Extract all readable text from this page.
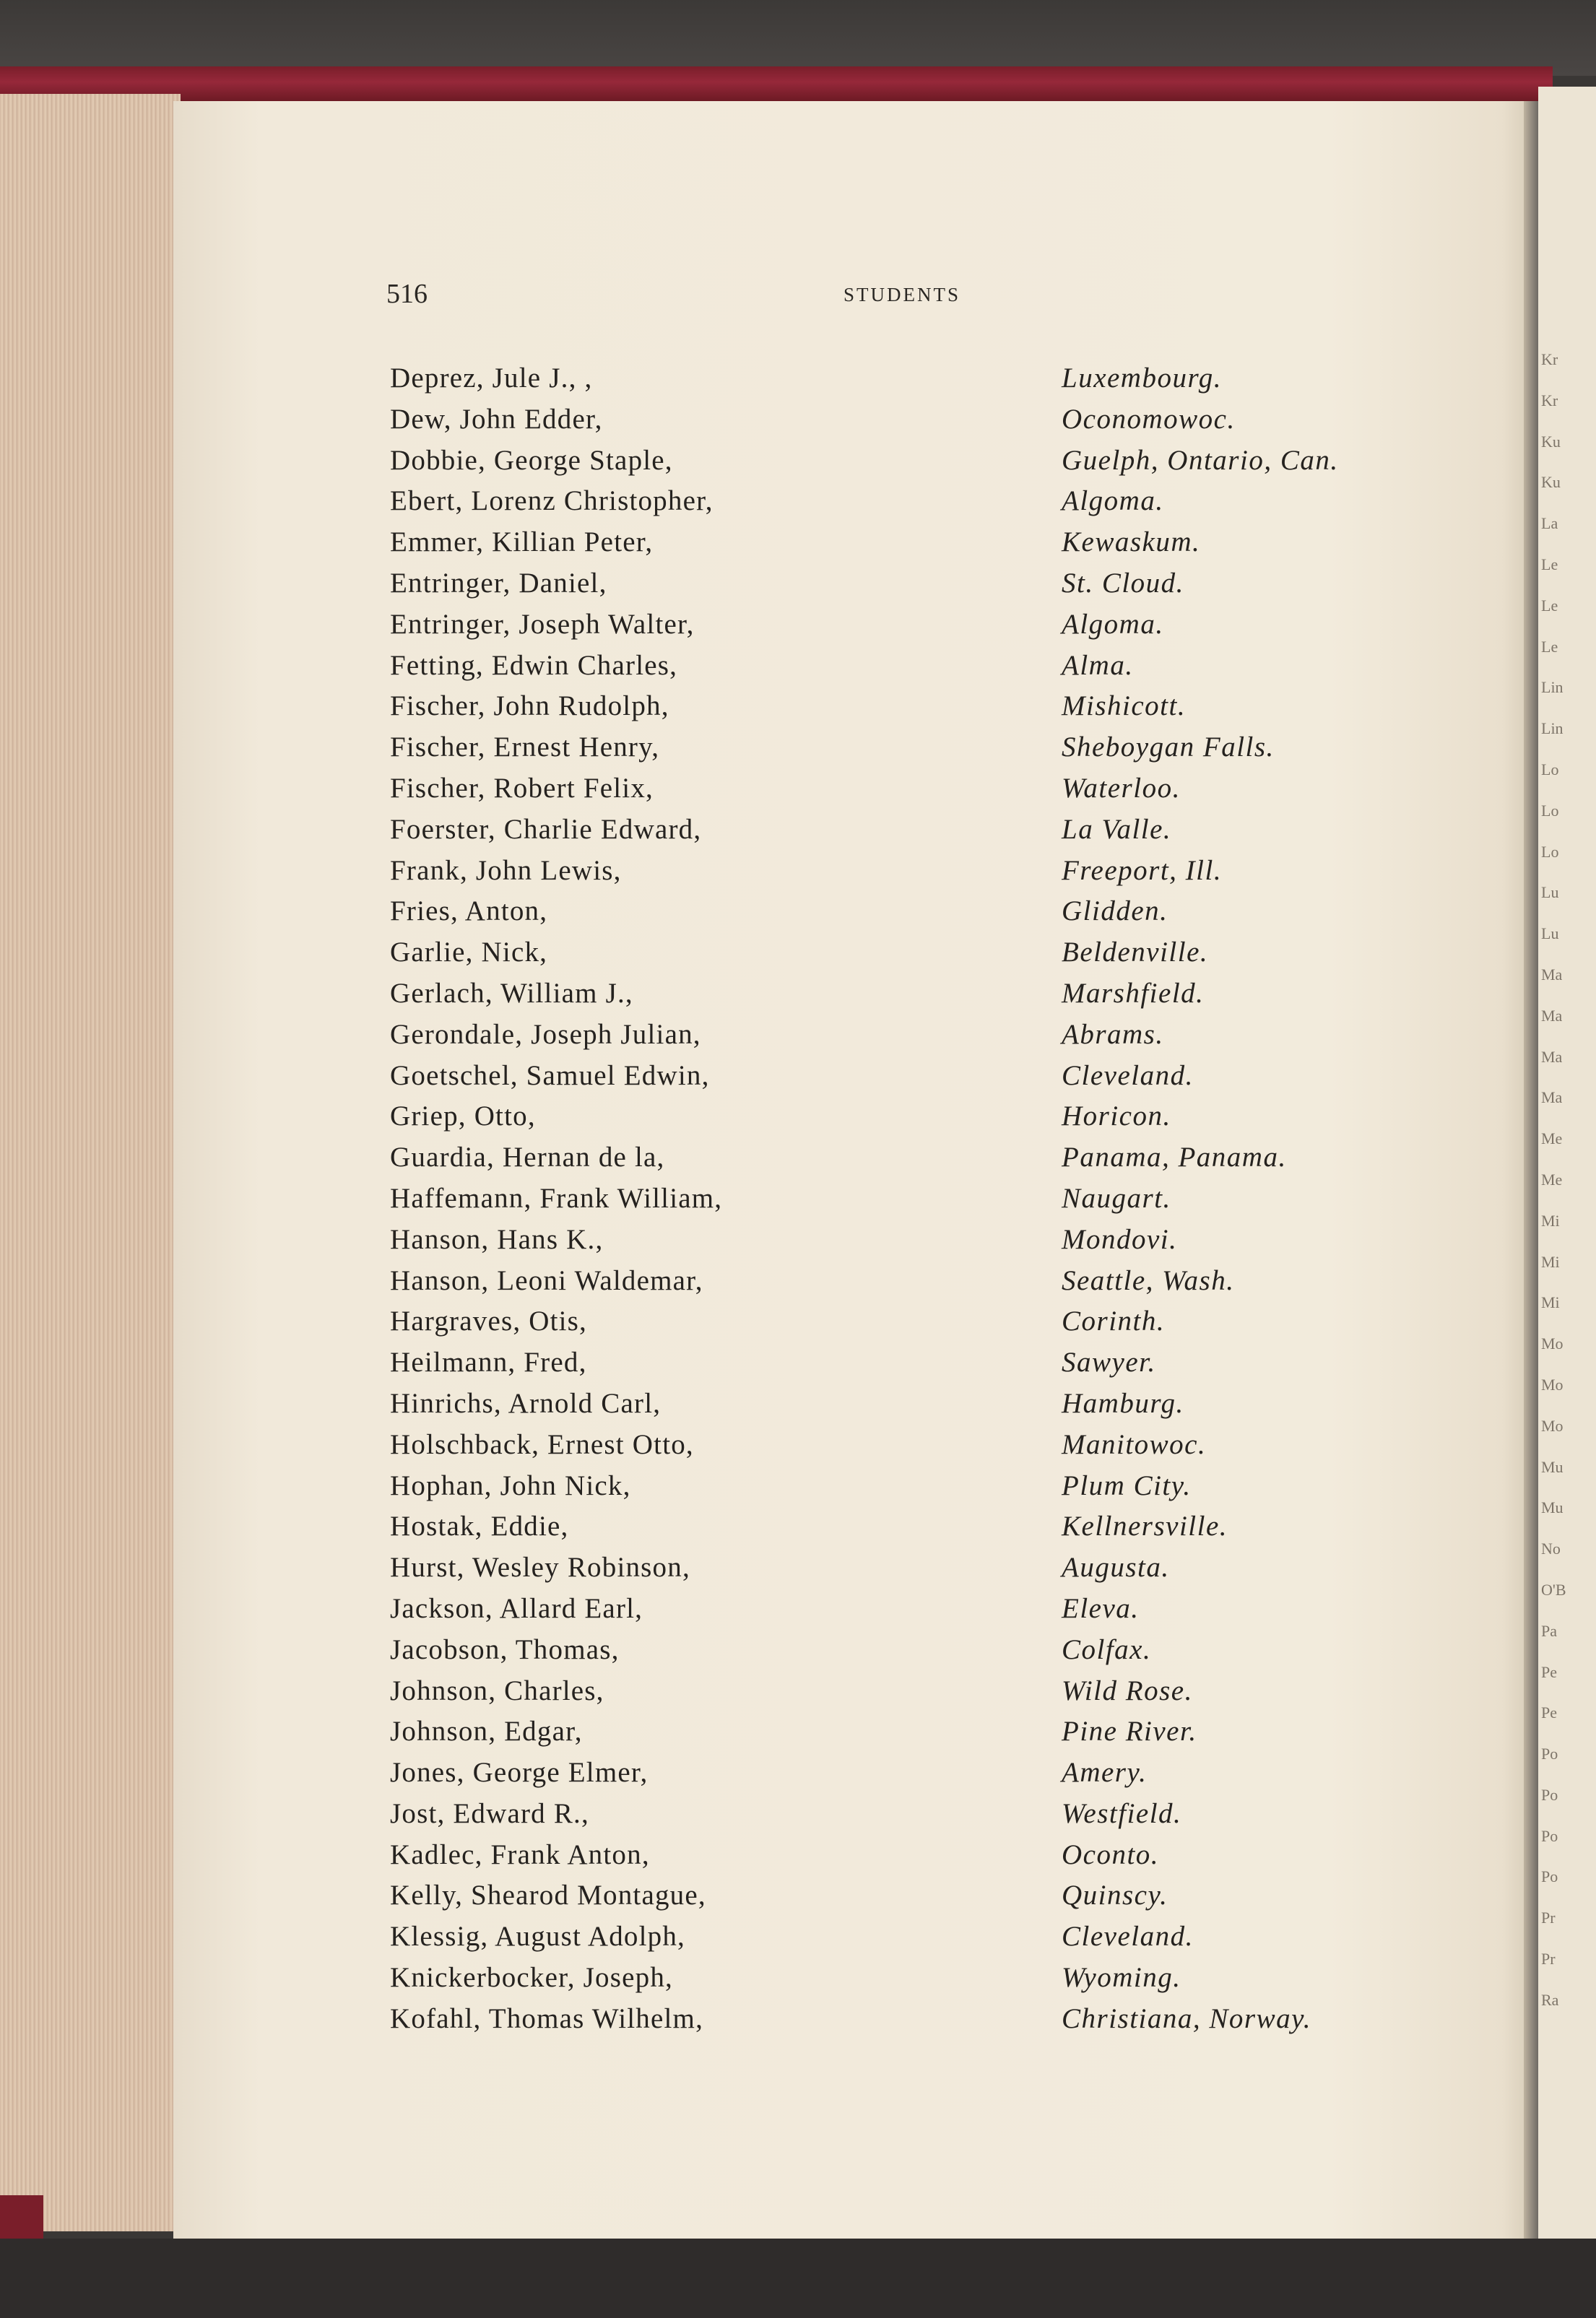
Kr
Kr
Ku
Ku
La
Le
Le
Le
Lin
Lin
Lo
Lo
Lo
Lu
Lu
Ma
Ma
Ma
Ma
Me
Me
Mi
Mi
Mi
Mo
Mo
Mo
Mu
Mu
No
O'B
Pa
Pe
Pe
Po
Po
Po
Po
Pr
Pr
Ra
516	STUDENTS
Deprez, Jule J., ,	Luxembourg.
Dew, John Edder,	Oconomowoc.
Dobbie, George Staple,	Guelph, Ontario, Can.
Ebert, Lorenz Christopher,	Algoma.
Emmer, Killian Peter,	Kewaskum.
Entringer, Daniel,	St. Cloud.
Entringer, Joseph Walter,	Algoma.
Fetting, Edwin Charles,	Alma.
Fischer, John Rudolph,	Mishicott.
Fischer, Ernest Henry,	Sheboygan Falls.
Fischer, Robert Felix,	Waterloo.
Foerster, Charlie Edward,	La Valle.
Frank, John Lewis,	Freeport, Ill.
Fries, Anton,	Glidden.
Garlie, Nick,	Beldenville.
Gerlach, William J.,	Marshfield.
Gerondale, Joseph Julian,	Abrams.
Goetschel, Samuel Edwin,	Cleveland.
Griep, Otto,	Horicon.
Guardia, Hernan de la,	Panama, Panama.
Haffemann, Frank William,	Naugart.
Hanson, Hans K.,	Mondovi.
Hanson, Leoni Waldemar,	Seattle, Wash.
Hargraves, Otis,	Corinth.
Heilmann, Fred,	Sawyer.
Hinrichs, Arnold Carl,	Hamburg.
Holschback, Ernest Otto,	Manitowoc.
Hophan, John Nick,	Plum City.
Hostak, Eddie,	Kellnersville.
Hurst, Wesley Robinson,	Augusta.
Jackson, Allard Earl,	Eleva.
Jacobson, Thomas,	Colfax.
Johnson, Charles,	Wild Rose.
Johnson, Edgar,	Pine River.
Jones, George Elmer,	Amery.
Jost, Edward R.,	Westfield.
Kadlec, Frank Anton,	Oconto.
Kelly, Shearod Montague,	Quinscy.
Klessig, August Adolph,	Cleveland.
Knickerbocker, Joseph,	Wyoming.
Kofahl, Thomas Wilhelm,	Christiana, Norway.
